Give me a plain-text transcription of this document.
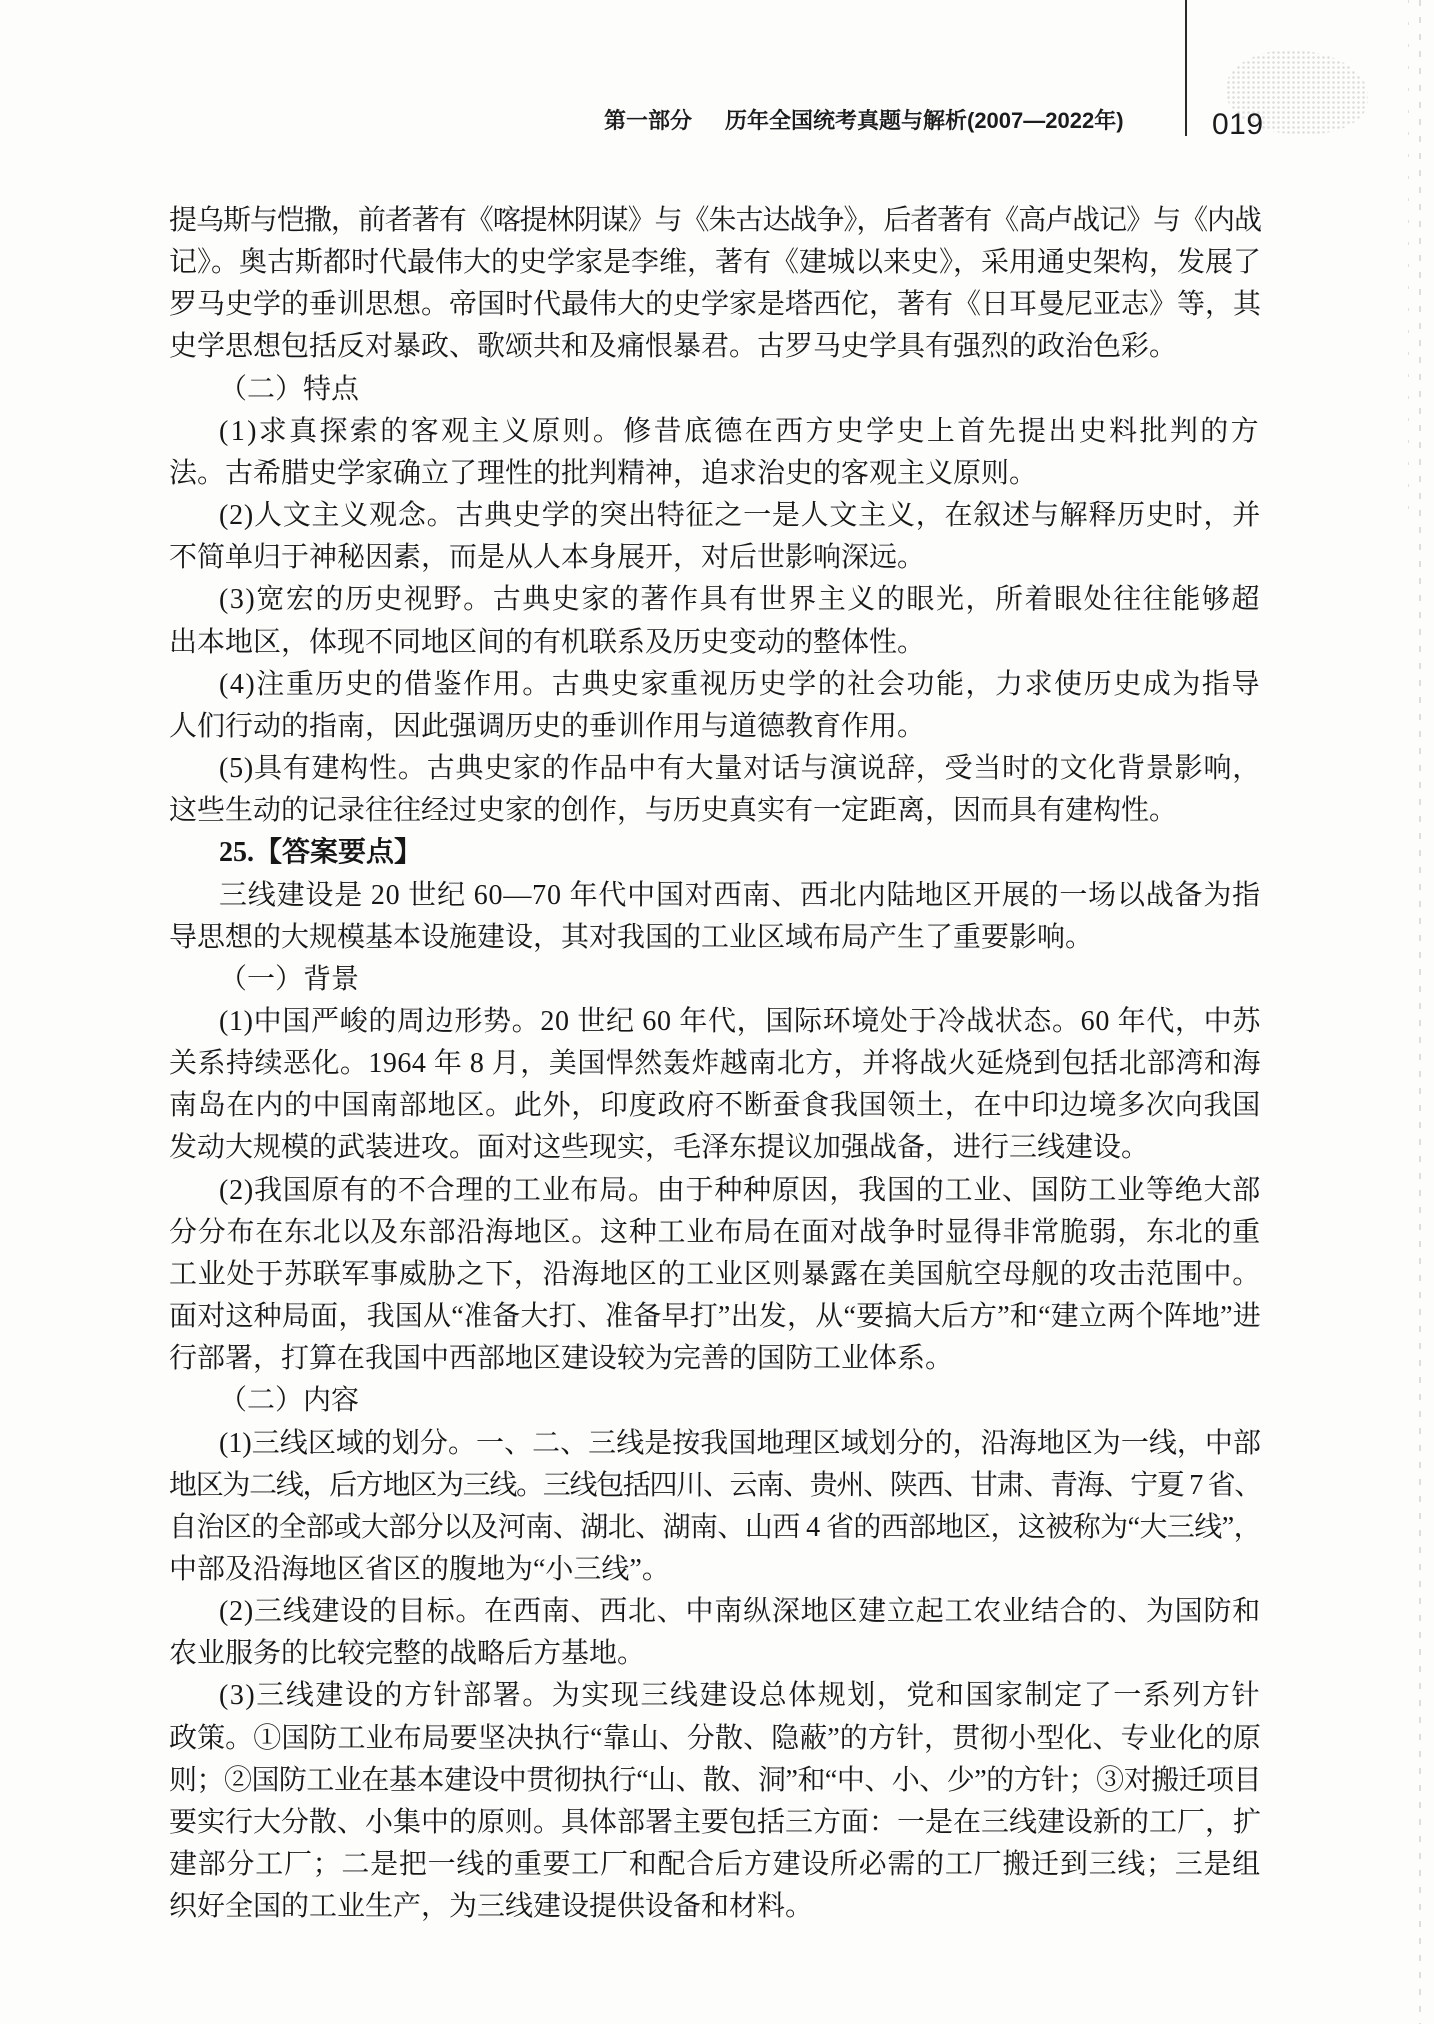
第一部分 历年全国统考真题与解析(2007—2022年)	019
提乌斯与恺撒，前者著有《喀提林阴谋》与《朱古达战争》，后者著有《高卢战记》与《内战
记》。奥古斯都时代最伟大的史学家是李维，著有《建城以来史》，采用通史架构，发展了
罗马史学的垂训思想。帝国时代最伟大的史学家是塔西佗，著有《日耳曼尼亚志》等，其
史学思想包括反对暴政、歌颂共和及痛恨暴君。古罗马史学具有强烈的政治色彩。
（二）特点
(1)求真探索的客观主义原则。修昔底德在西方史学史上首先提出史料批判的方
法。古希腊史学家确立了理性的批判精神，追求治史的客观主义原则。
(2)人文主义观念。古典史学的突出特征之一是人文主义，在叙述与解释历史时，并
不简单归于神秘因素，而是从人本身展开，对后世影响深远。
(3)宽宏的历史视野。古典史家的著作具有世界主义的眼光，所着眼处往往能够超
出本地区，体现不同地区间的有机联系及历史变动的整体性。
(4)注重历史的借鉴作用。古典史家重视历史学的社会功能，力求使历史成为指导
人们行动的指南，因此强调历史的垂训作用与道德教育作用。
(5)具有建构性。古典史家的作品中有大量对话与演说辞，受当时的文化背景影响，
这些生动的记录往往经过史家的创作，与历史真实有一定距离，因而具有建构性。
25.【答案要点】
三线建设是 20 世纪 60—70 年代中国对西南、西北内陆地区开展的一场以战备为指
导思想的大规模基本设施建设，其对我国的工业区域布局产生了重要影响。
（一）背景
(1)中国严峻的周边形势。20 世纪 60 年代，国际环境处于冷战状态。60 年代，中苏
关系持续恶化。1964 年 8 月，美国悍然轰炸越南北方，并将战火延烧到包括北部湾和海
南岛在内的中国南部地区。此外，印度政府不断蚕食我国领土，在中印边境多次向我国
发动大规模的武装进攻。面对这些现实，毛泽东提议加强战备，进行三线建设。
(2)我国原有的不合理的工业布局。由于种种原因，我国的工业、国防工业等绝大部
分分布在东北以及东部沿海地区。这种工业布局在面对战争时显得非常脆弱，东北的重
工业处于苏联军事威胁之下，沿海地区的工业区则暴露在美国航空母舰的攻击范围中。
面对这种局面，我国从“准备大打、准备早打”出发，从“要搞大后方”和“建立两个阵地”进
行部署，打算在我国中西部地区建设较为完善的国防工业体系。
（二）内容
(1)三线区域的划分。一、二、三线是按我国地理区域划分的，沿海地区为一线，中部
地区为二线，后方地区为三线。三线包括四川、云南、贵州、陕西、甘肃、青海、宁夏 7 省、
自治区的全部或大部分以及河南、湖北、湖南、山西 4 省的西部地区，这被称为“大三线”，
中部及沿海地区省区的腹地为“小三线”。
(2)三线建设的目标。在西南、西北、中南纵深地区建立起工农业结合的、为国防和
农业服务的比较完整的战略后方基地。
(3)三线建设的方针部署。为实现三线建设总体规划，党和国家制定了一系列方针
政策。①国防工业布局要坚决执行“靠山、分散、隐蔽”的方针，贯彻小型化、专业化的原
则；②国防工业在基本建设中贯彻执行“山、散、洞”和“中、小、少”的方针；③对搬迁项目
要实行大分散、小集中的原则。具体部署主要包括三方面：一是在三线建设新的工厂，扩
建部分工厂；二是把一线的重要工厂和配合后方建设所必需的工厂搬迁到三线；三是组
织好全国的工业生产，为三线建设提供设备和材料。
